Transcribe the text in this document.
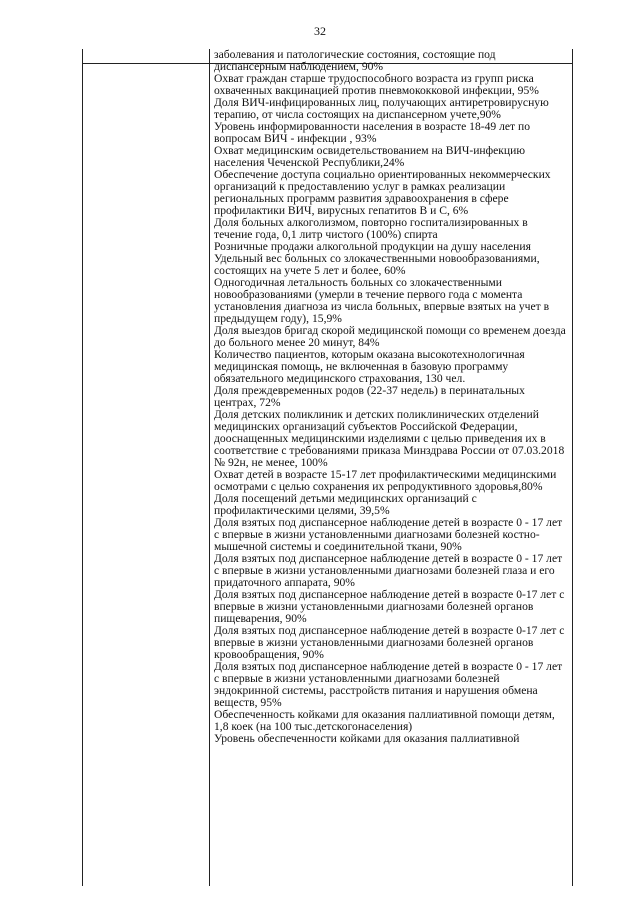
32
заболевания и патологические состояния, состоящие под диспансерным наблюдением, 90%
Охват граждан старше трудоспособного возраста из групп риска охваченных вакцинацией против пневмококковой инфекции, 95%
Доля ВИЧ-инфицированных лиц, получающих антиретровирусную терапию, от числа состоящих на диспансерном учете,90%
Уровень информированности населения в возрасте 18-49 лет по вопросам ВИЧ - инфекции , 93%
Охват медицинским освидетельствованием на ВИЧ-инфекцию населения Чеченской Республики,24%
Обеспечение доступа социально ориентированных некоммерческих организаций к предоставлению услуг в рамках реализации региональных программ развития здравоохранения в сфере профилактики ВИЧ, вирусных гепатитов В и С, 6%
Доля больных алкоголизмом, повторно госпитализированных в течение года, 0,1 литр чистого (100%) спирта
Розничные продажи алкогольной продукции на душу населения
Удельный вес больных со злокачественными новообразованиями, состоящих на учете 5 лет и более, 60%
Одногодичная летальность больных со злокачественными новообразованиями (умерли в течение первого года с момента установления диагноза из числа больных, впервые взятых на учет в предыдущем году), 15,9%
Доля выездов бригад скорой медицинской помощи со временем доезда до больного менее 20 минут, 84%
Количество пациентов, которым оказана высокотехнологичная медицинская помощь, не включенная в базовую программу обязательного медицинского страхования, 130 чел.
Доля преждевременных родов (22-37 недель) в перинатальных центрах, 72%
Доля детских поликлиник и детских поликлинических отделений медицинских организаций субъектов Российской Федерации, дооснащенных медицинскими изделиями с целью приведения их в соответствие с требованиями приказа Минздрава России от 07.03.2018 № 92н, не менее, 100%
Охват детей в возрасте 15-17 лет профилактическими медицинскими осмотрами с целью сохранения их репродуктивного здоровья,80%
Доля посещений детьми медицинских организаций с профилактическими целями, 39,5%
Доля взятых под диспансерное наблюдение детей в возрасте 0 - 17 лет с впервые в жизни установленными диагнозами болезней костно-мышечной системы и соединительной ткани, 90%
Доля взятых под диспансерное наблюдение детей в возрасте 0 - 17 лет с впервые в жизни установленными диагнозами болезней глаза и его придаточного аппарата, 90%
Доля взятых под диспансерное наблюдение детей в возрасте 0-17 лет с впервые в жизни установленными диагнозами болезней органов пищеварения, 90%
Доля взятых под диспансерное наблюдение детей в возрасте 0-17 лет с впервые в жизни установленными диагнозами болезней органов кровообращения, 90%
Доля взятых под диспансерное наблюдение детей в возрасте 0 - 17 лет с впервые в жизни установленными диагнозами болезней эндокринной системы, расстройств питания и нарушения обмена веществ, 95%
Обеспеченность койками для оказания паллиативной помощи детям, 1,8 коек (на 100 тыс.детскогонаселения)
Уровень обеспеченности койками для оказания паллиативной
